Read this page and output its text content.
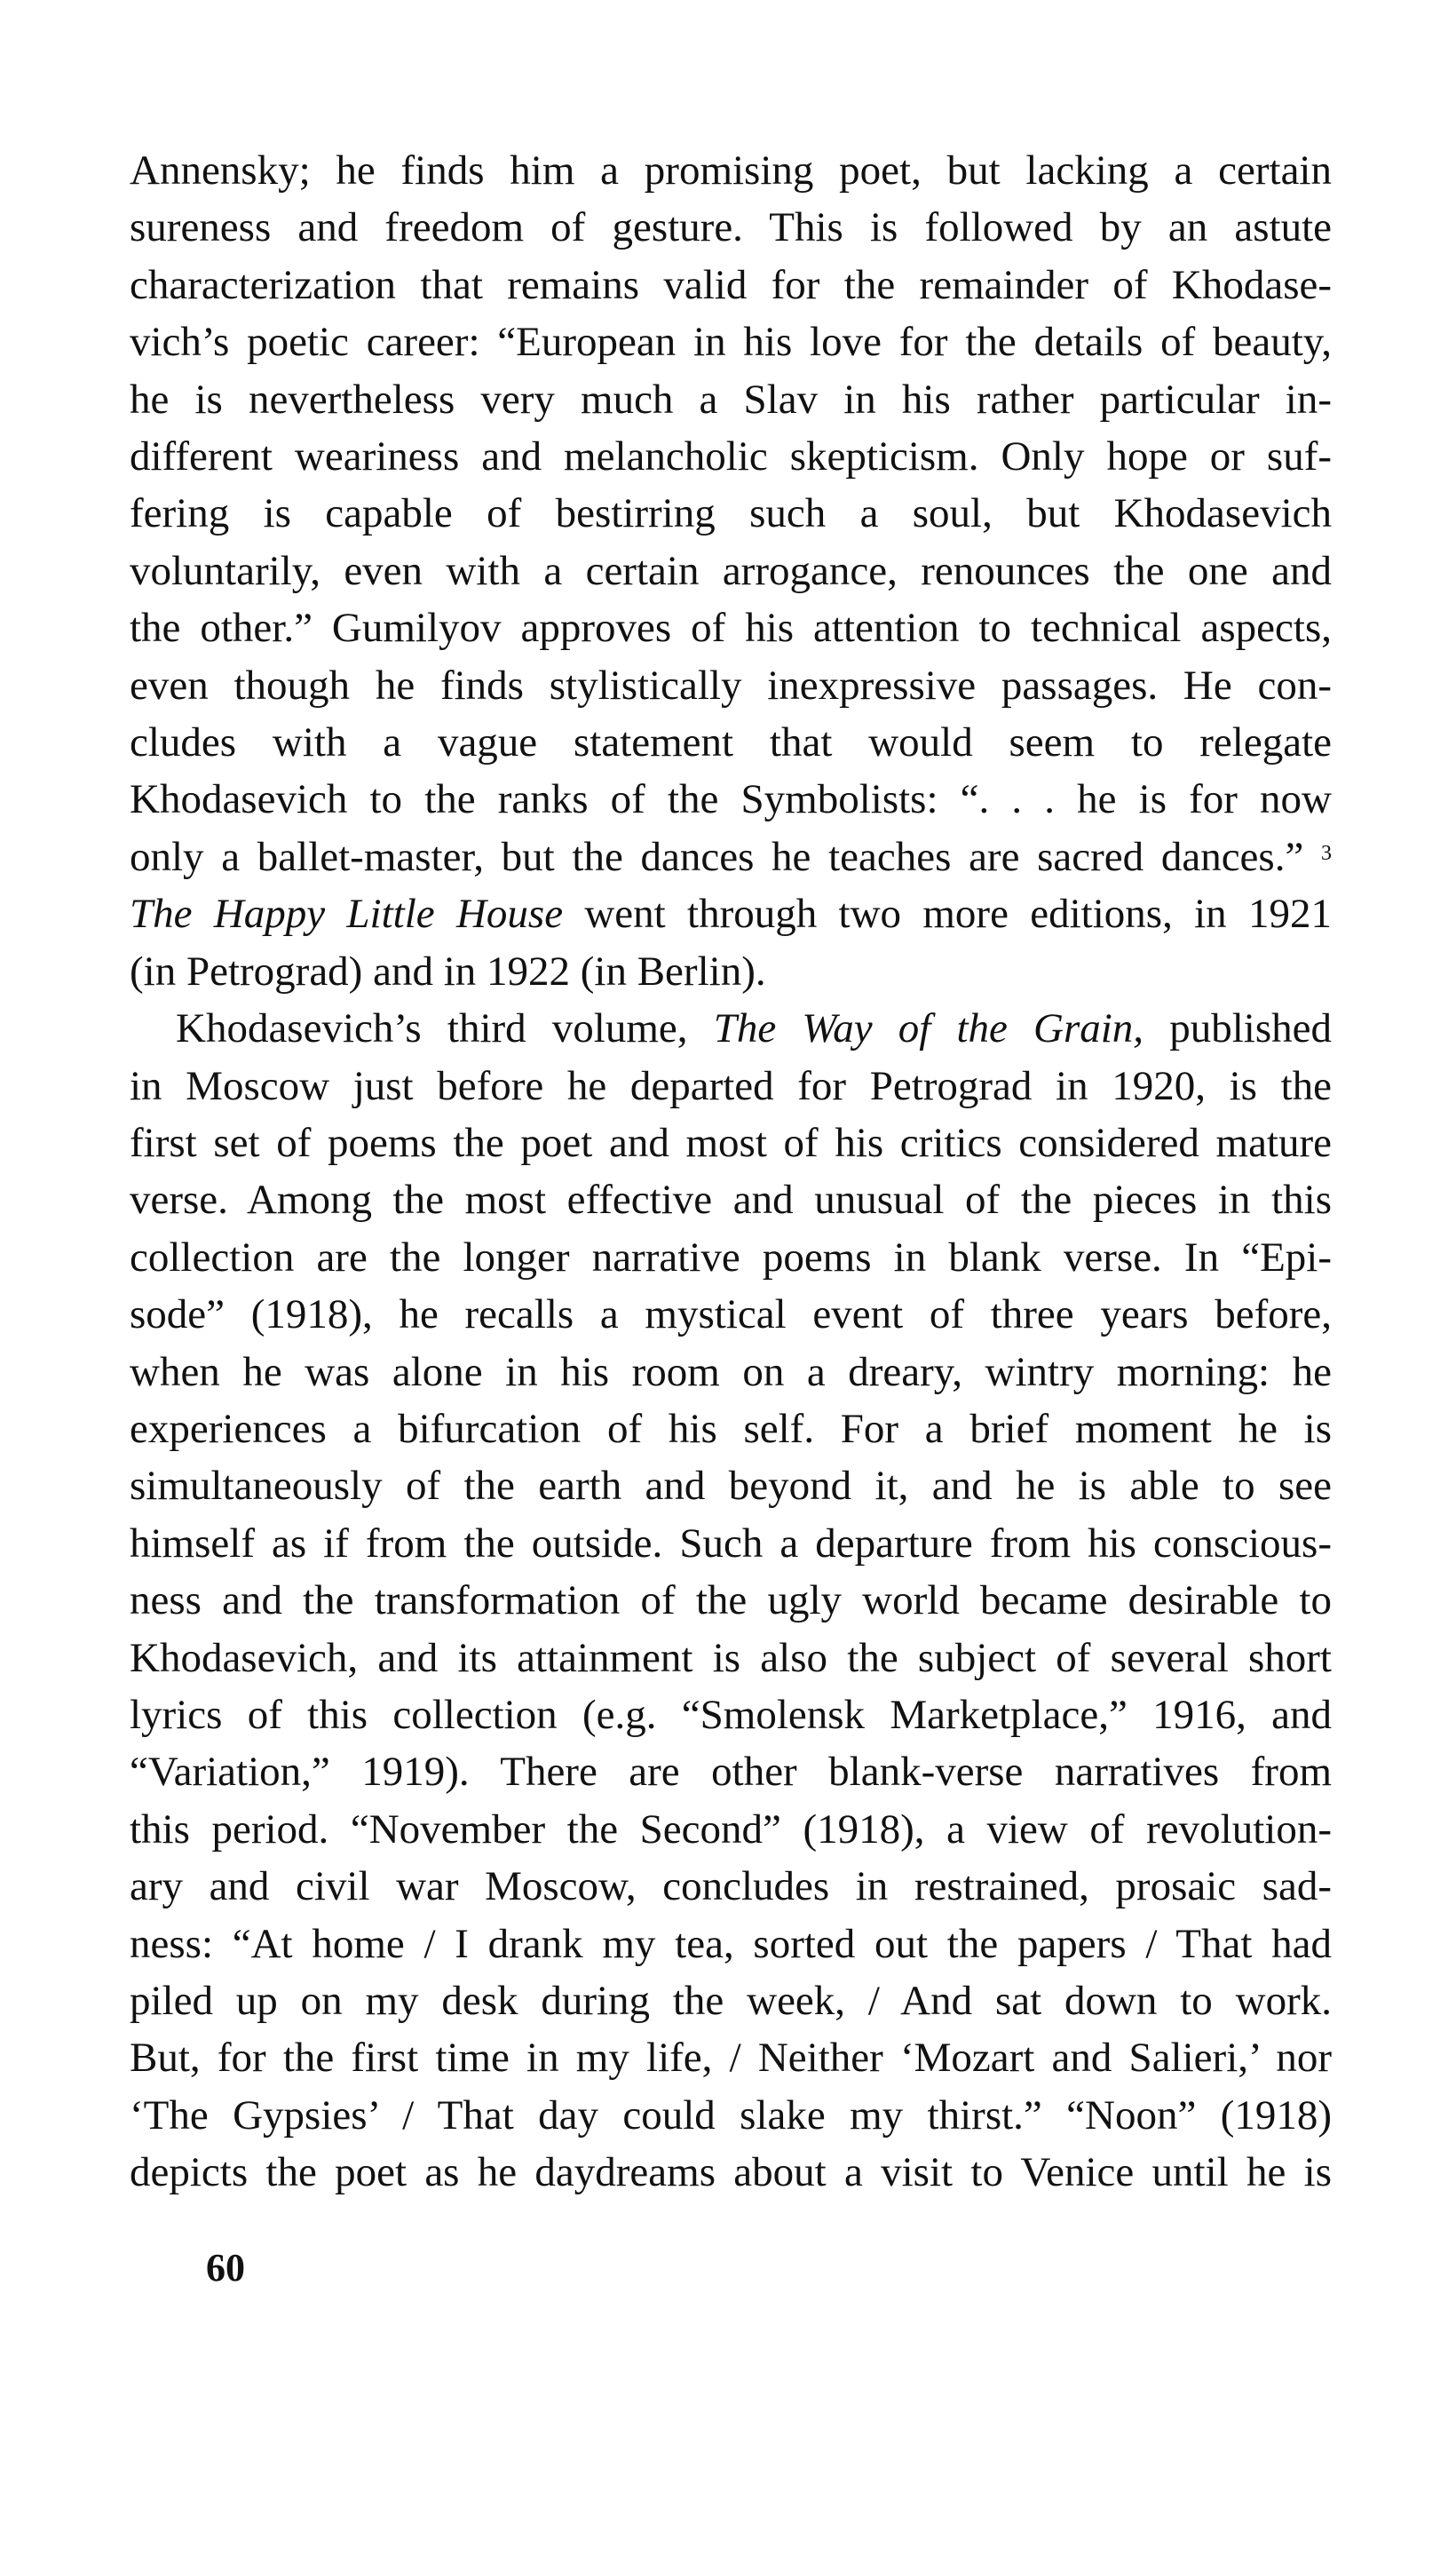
Annensky; he finds him a promising poet, but lacking a certain
sureness and freedom of gesture. This is followed by an astute
characterization that remains valid for the remainder of Khodase-
vich’s poetic career: “European in his love for the details of beauty,
he is nevertheless very much a Slav in his rather particular in-
different weariness and melancholic skepticism. Only hope or suf-
fering is capable of bestirring such a soul, but Khodasevich
voluntarily, even with a certain arrogance, renounces the one and
the other.” Gumilyov approves of his attention to technical aspects,
even though he finds stylistically inexpressive passages. He con-
cludes with a vague statement that would seem to relegate
Khodasevich to the ranks of the Symbolists: “. . . he is for now
only a ballet-master, but the dances he teaches are sacred dances.” $^3$
The Happy Little House went through two more editions, in 1921
(in Petrograd) and in 1922 (in Berlin).
Khodasevich’s third volume, The Way of the Grain, published
in Moscow just before he departed for Petrograd in 1920, is the
first set of poems the poet and most of his critics considered mature
verse. Among the most effective and unusual of the pieces in this
collection are the longer narrative poems in blank verse. In “Epi-
sode” (1918), he recalls a mystical event of three years before,
when he was alone in his room on a dreary, wintry morning: he
experiences a bifurcation of his self. For a brief moment he is
simultaneously of the earth and beyond it, and he is able to see
himself as if from the outside. Such a departure from his conscious-
ness and the transformation of the ugly world became desirable to
Khodasevich, and its attainment is also the subject of several short
lyrics of this collection (e.g. “Smolensk Marketplace,” 1916, and
“Variation,” 1919). There are other blank-verse narratives from
this period. “November the Second” (1918), a view of revolution-
ary and civil war Moscow, concludes in restrained, prosaic sad-
ness: “At home / I drank my tea, sorted out the papers / That had
piled up on my desk during the week, / And sat down to work.
But, for the first time in my life, / Neither ‘Mozart and Salieri,’ nor
‘The Gypsies’ / That day could slake my thirst.” “Noon” (1918)
depicts the poet as he daydreams about a visit to Venice until he is
60
